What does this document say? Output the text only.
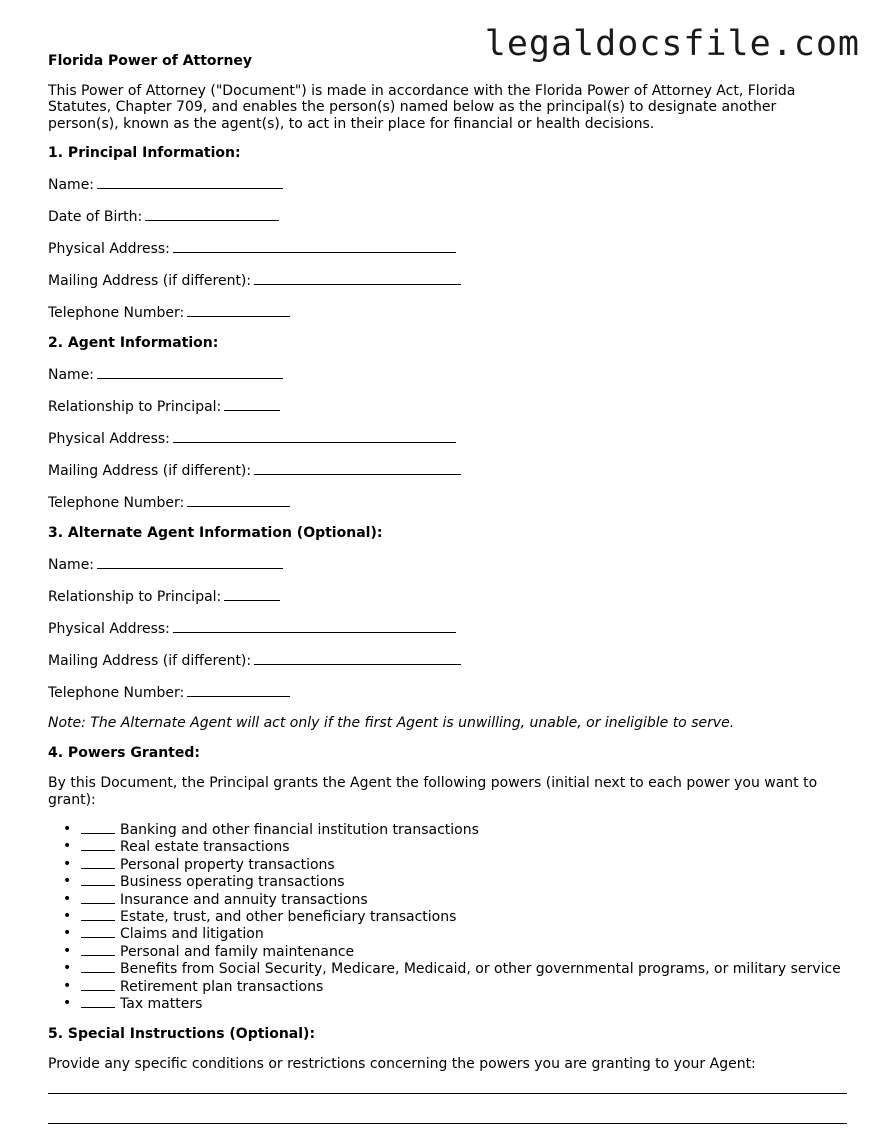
legaldocsfile.com
Florida Power of Attorney
This Power of Attorney ("Document") is made in accordance with the Florida Power of Attorney Act, Florida Statutes, Chapter 709, and enables the person(s) named below as the principal(s) to designate another person(s), known as the agent(s), to act in their place for financial or health decisions.
1. Principal Information:
Name:
Date of Birth:
Physical Address:
Mailing Address (if different):
Telephone Number:
2. Agent Information:
Name:
Relationship to Principal:
Physical Address:
Mailing Address (if different):
Telephone Number:
3. Alternate Agent Information (Optional):
Name:
Relationship to Principal:
Physical Address:
Mailing Address (if different):
Telephone Number:
Note: The Alternate Agent will act only if the first Agent is unwilling, unable, or ineligible to serve.
4. Powers Granted:
By this Document, the Principal grants the Agent the following powers (initial next to each power you want to grant):
• Banking and other financial institution transactions
• Real estate transactions
• Personal property transactions
• Business operating transactions
• Insurance and annuity transactions
• Estate, trust, and other beneficiary transactions
• Claims and litigation
• Personal and family maintenance
• Benefits from Social Security, Medicare, Medicaid, or other governmental programs, or military service
• Retirement plan transactions
• Tax matters
5. Special Instructions (Optional):
Provide any specific conditions or restrictions concerning the powers you are granting to your Agent:
